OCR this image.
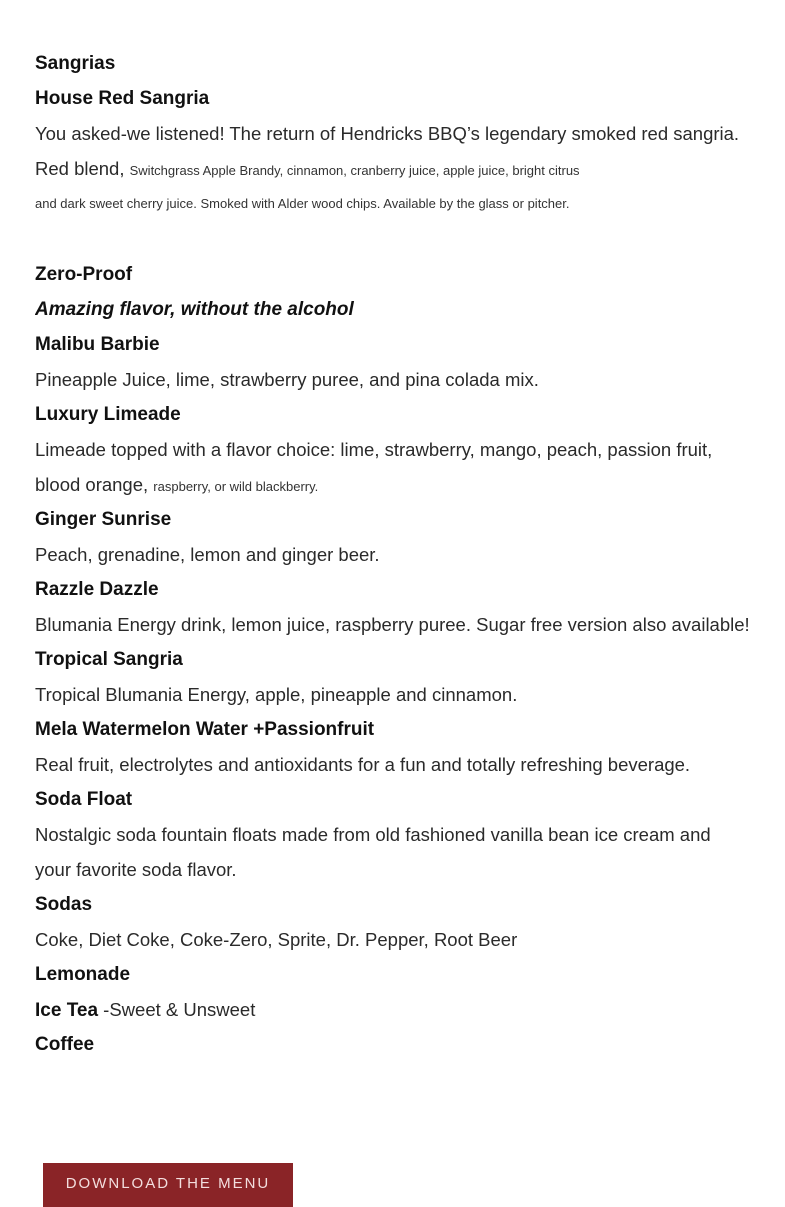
Sangrias
House Red Sangria
You asked-we listened! The return of Hendricks BBQ’s legendary smoked red sangria.
Red blend, Switchgrass Apple Brandy, cinnamon, cranberry juice, apple juice, bright citrus
and dark sweet cherry juice. Smoked with Alder wood chips. Available by the glass or pitcher.
Zero-Proof
Amazing flavor, without the alcohol
Malibu Barbie
Pineapple Juice, lime, strawberry puree, and pina colada mix.
Luxury Limeade
Limeade topped with a flavor choice: lime, strawberry, mango, peach, passion fruit,
blood orange, raspberry, or wild blackberry.
Ginger Sunrise
Peach, grenadine, lemon and ginger beer.
Razzle Dazzle
Blumania Energy drink, lemon juice, raspberry puree. Sugar free version also available!
Tropical Sangria
Tropical Blumania Energy, apple, pineapple and cinnamon.
Mela Watermelon Water +Passionfruit
Real fruit, electrolytes and antioxidants for a fun and totally refreshing beverage.
Soda Float
Nostalgic soda fountain floats made from old fashioned vanilla bean ice cream and
your favorite soda flavor.
Sodas
Coke, Diet Coke, Coke-Zero, Sprite, Dr. Pepper, Root Beer
Lemonade
Ice Tea -Sweet & Unsweet
Coffee
DOWNLOAD THE MENU
